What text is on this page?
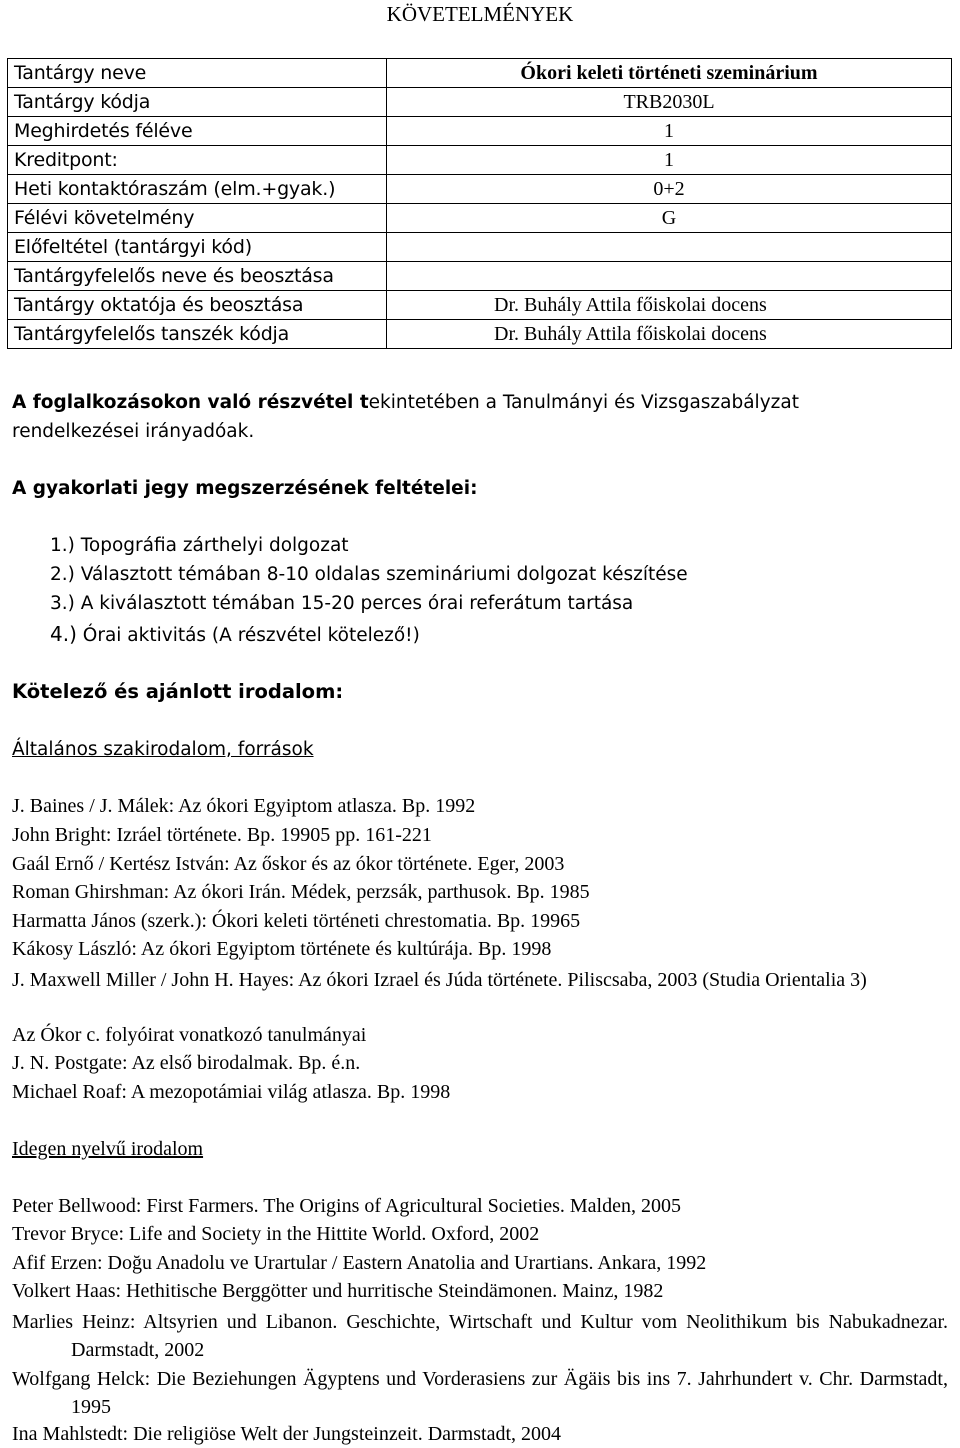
KÖVETELMÉNYEK
Tantárgy neve	Ókori keleti történeti szeminárium
Tantárgy kódja	TRB2030L
Meghirdetés féléve	1
Kreditpont:	1
Heti kontaktóraszám (elm.+gyak.)	0+2
Félévi követelmény	G
Előfeltétel (tantárgyi kód)	
Tantárgyfelelős neve és beosztása	
Tantárgy oktatója és beosztása	Dr. Buhály Attila főiskolai docens
Tantárgyfelelős tanszék kódja	Dr. Buhály Attila főiskolai docens
A foglalkozásokon való részvétel tekintetében a Tanulmányi és Vizsgaszabályzat
rendelkezései irányadóak.
A gyakorlati jegy megszerzésének feltételei:
1.) Topográfia zárthelyi dolgozat
2.) Választott témában 8-10 oldalas szemináriumi dolgozat készítése
3.) A kiválasztott témában 15-20 perces órai referátum tartása
4.) Órai aktivitás (A részvétel kötelező!)
Kötelező és ajánlott irodalom:
Általános szakirodalom, források
J. Baines / J. Málek: Az ókori Egyiptom atlasza. Bp. 1992
John Bright: Izráel története. Bp. 19905 pp. 161-221
Gaál Ernő / Kertész István: Az őskor és az ókor története. Eger, 2003
Roman Ghirshman: Az ókori Irán. Médek, perzsák, parthusok. Bp. 1985
Harmatta János (szerk.): Ókori keleti történeti chrestomatia. Bp. 19965
Kákosy László: Az ókori Egyiptom története és kultúrája. Bp. 1998
J. Maxwell Miller / John H. Hayes: Az ókori Izrael és Júda története. Piliscsaba, 2003 (Studia Orientalia 3)
Az Ókor c. folyóirat vonatkozó tanulmányai
J. N. Postgate: Az első birodalmak. Bp. é.n.
Michael Roaf: A mezopotámiai világ atlasza. Bp. 1998
Idegen nyelvű irodalom
Peter Bellwood: First Farmers. The Origins of Agricultural Societies. Malden, 2005
Trevor Bryce: Life and Society in the Hittite World. Oxford, 2002
Afif Erzen: Doğu Anadolu ve Urartular / Eastern Anatolia and Urartians. Ankara, 1992
Volkert Haas: Hethitische Berggötter und hurritische Steindämonen. Mainz, 1982
Marlies Heinz: Altsyrien und Libanon. Geschichte, Wirtschaft und Kultur vom Neolithikum bis Nabukadnezar. Darmstadt, 2002
Wolfgang Helck: Die Beziehungen Ägyptens und Vorderasiens zur Ägäis bis ins 7. Jahrhundert v. Chr. Darmstadt, 1995
Ina Mahlstedt: Die religiöse Welt der Jungsteinzeit. Darmstadt, 2004
